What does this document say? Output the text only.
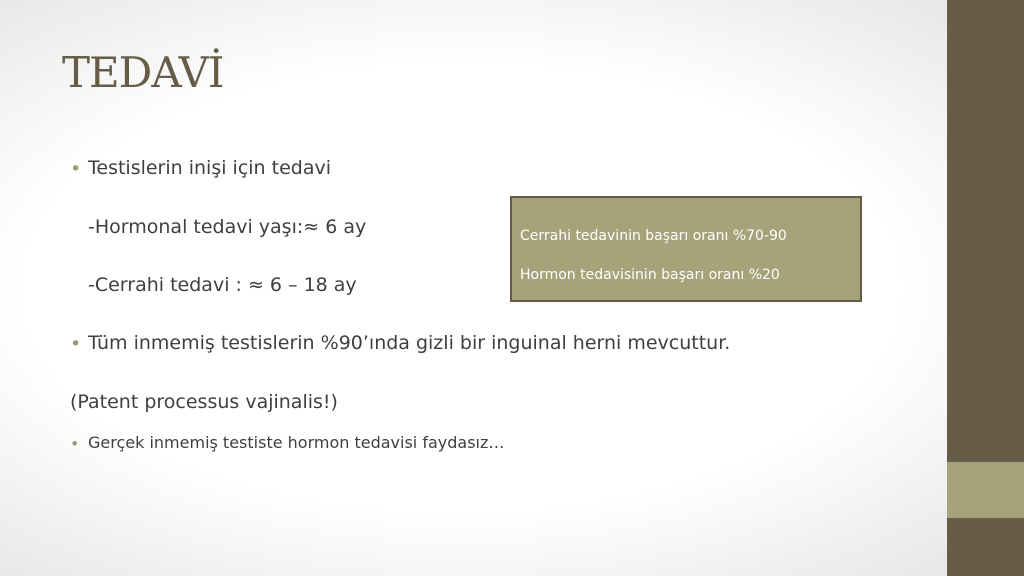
TEDAVİ
• Testislerin inişi için tedavi
-Hormonal tedavi yaşı:≈ 6 ay
-Cerrahi tedavi : ≈ 6 – 18 ay
• Tüm inmemiş testislerin %90’ında gizli bir inguinal herni mevcuttur.
(Patent processus vajinalis!)
• Gerçek inmemiş testiste hormon tedavisi faydasız…
Cerrahi tedavinin başarı oranı %70-90
Hormon tedavisinin başarı oranı %20
